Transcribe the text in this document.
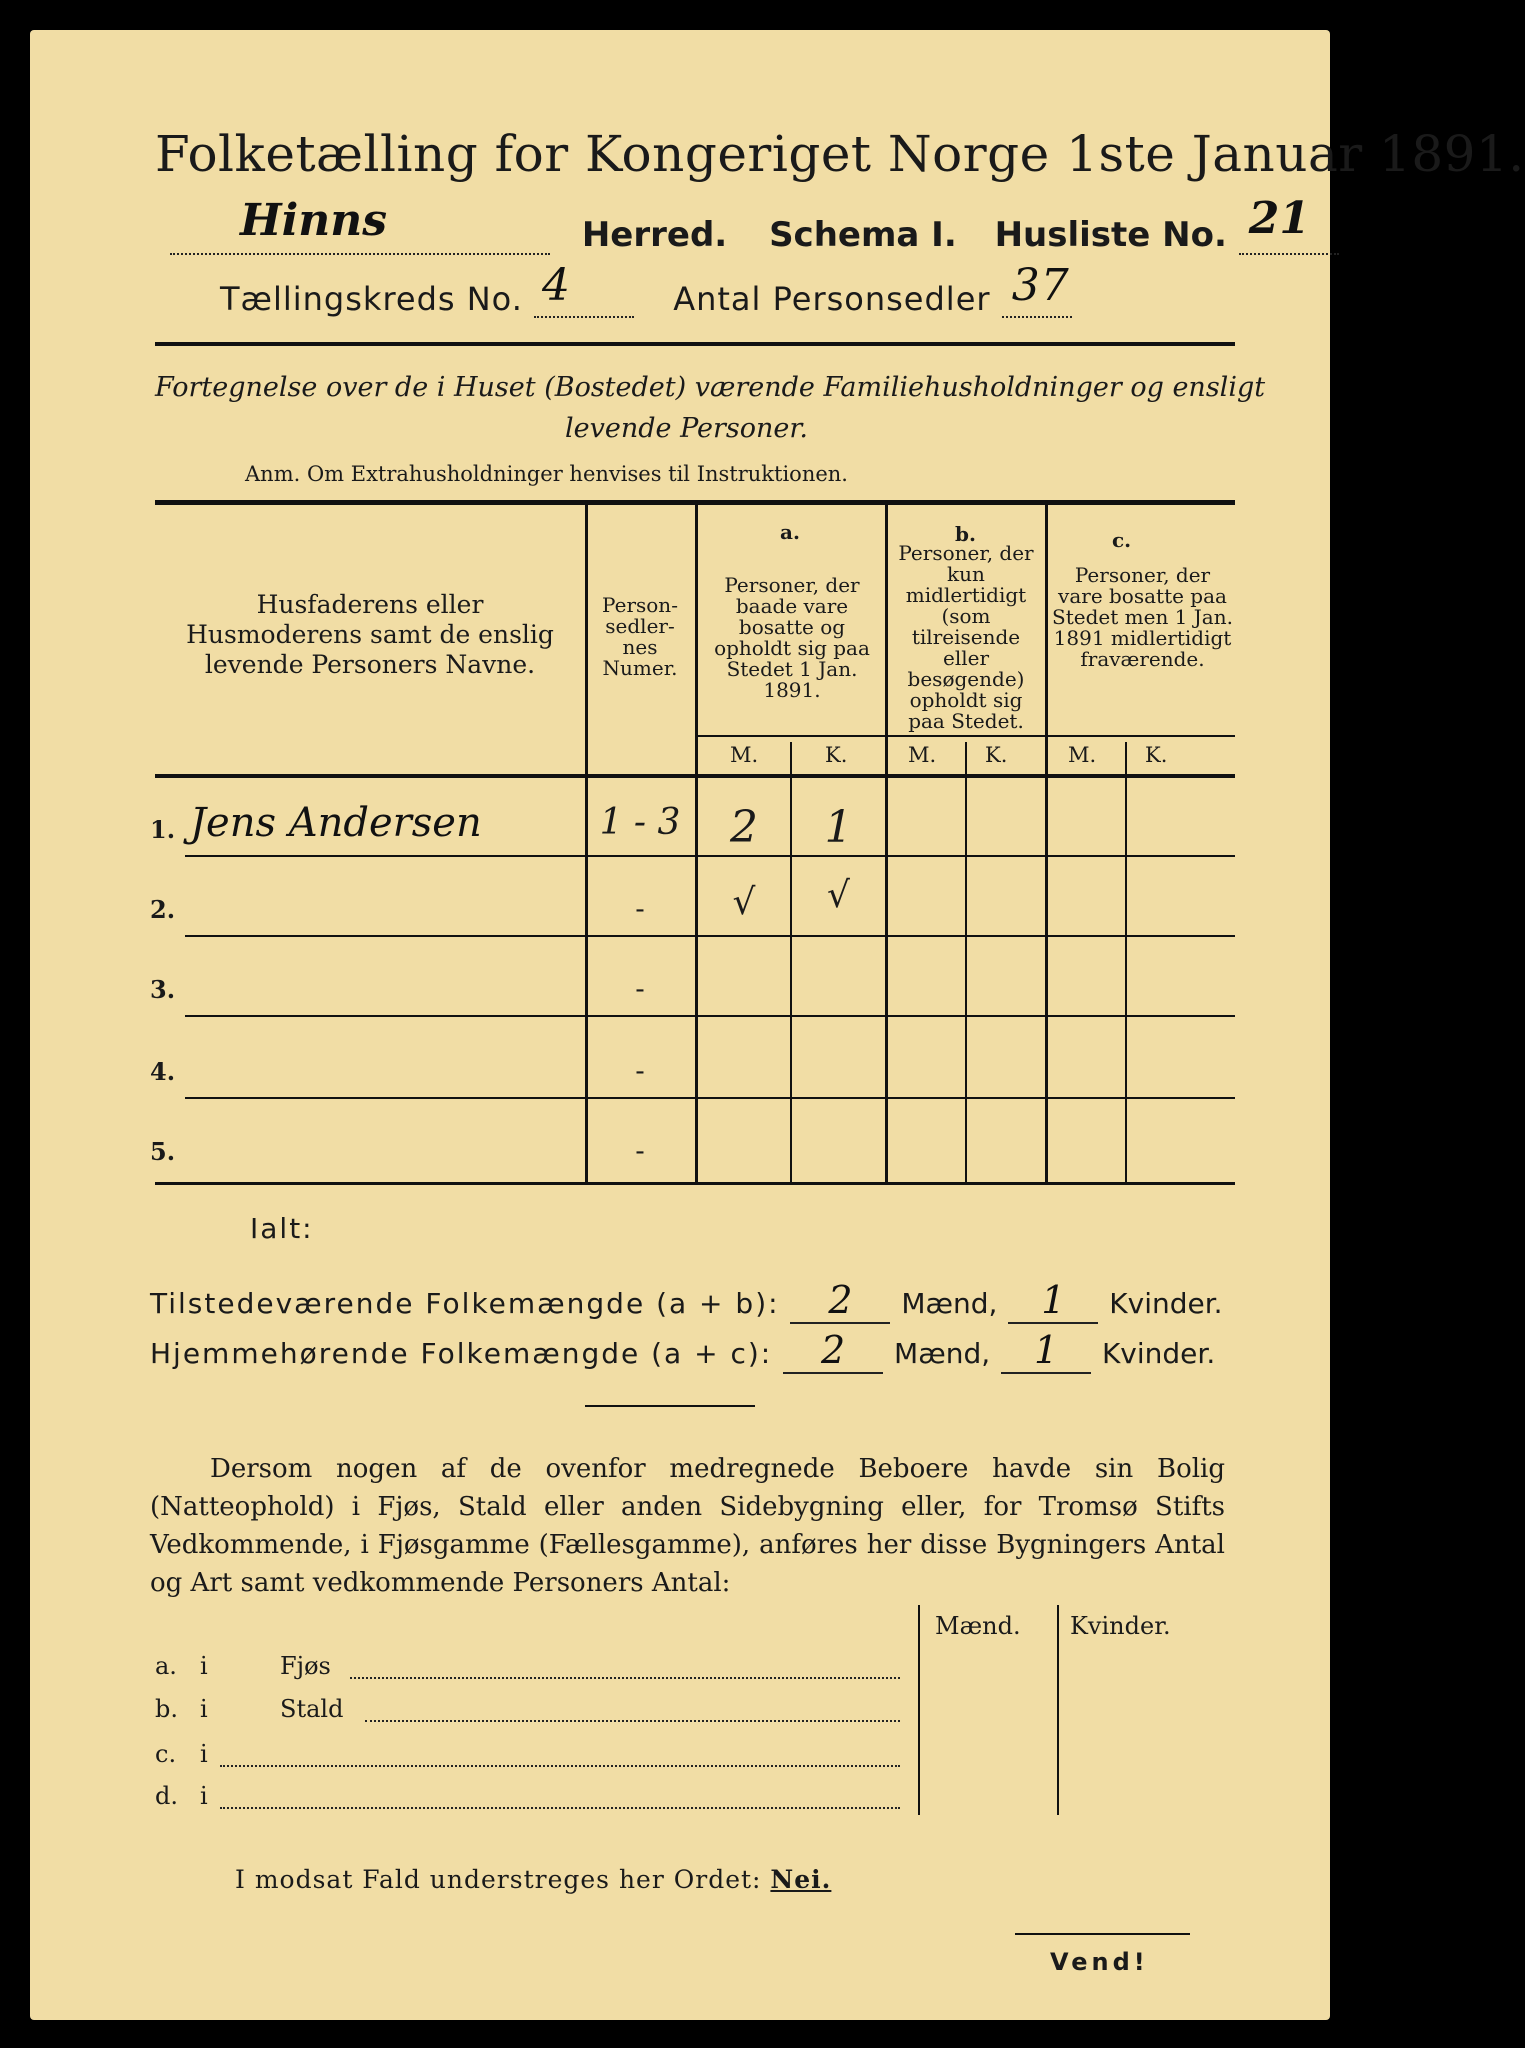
Folketælling for Kongeriget Norge 1ste Januar 1891.
Hinns	Herred. Schema I. Husliste No. 21
Tællingskreds No. 4	Antal Personsedler 37
Fortegnelse over de i Huset (Bostedet) værende Familiehusholdninger og ensligt
levende Personer.
Anm. Om Extrahusholdninger henvises til Instruktionen.
Husfaderens eller Husmoderens samt de enslig levende Personers Navne.
Person-sedler-nes Numer.
a.
Personer, der baade vare bosatte og opholdt sig paa Stedet 1 Jan. 1891.
b.
Personer, der kun midlertidigt (som tilreisende eller besøgende) opholdt sig paa Stedet.
c.
Personer, der vare bosatte paa Stedet men 1 Jan. 1891 midlertidigt fraværende.
M.	K.	M. K.	M. K.
1. Jens Andersen	1 - 3	2	1
2.	-	√	√
3.	-
4.	-
5.	-
Ialt:
Tilstedeværende Folkemængde (a + b): 2 Mænd, 1 Kvinder.
Hjemmehørende Folkemængde (a + c): 2 Mænd, 1 Kvinder.
Dersom nogen af de ovenfor medregnede Beboere havde sin Bolig (Natteophold) i Fjøs, Stald eller anden Sidebygning eller, for Tromsø Stifts Vedkommende, i Fjøsgamme (Fællesgamme), anføres her disse Bygningers Antal og Art samt vedkommende Personers Antal:
Mænd. Kvinder.
a. i	Fjøs
b. i	Stald
c. i
d. i
I modsat Fald understreges her Ordet: Nei.
Vend!
